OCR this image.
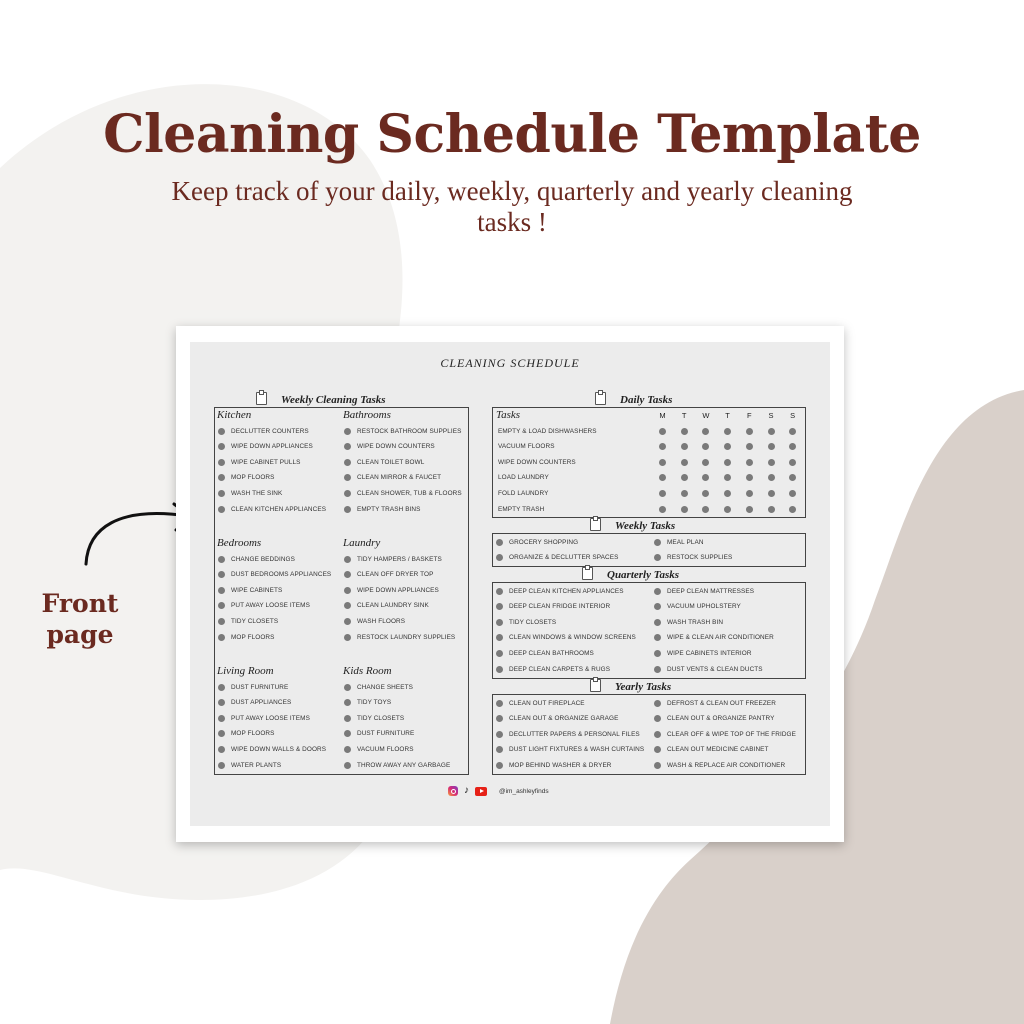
Cleaning Schedule Template
Keep track of your daily, weekly, quarterly and yearly cleaning tasks !
Front page
CLEANING SCHEDULE
Weekly Cleaning Tasks
Kitchen
DECLUTTER COUNTERS
WIPE DOWN APPLIANCES
WIPE CABINET PULLS
MOP FLOORS
WASH THE SINK
CLEAN KITCHEN APPLIANCES
Bathrooms
RESTOCK BATHROOM SUPPLIES
WIPE DOWN COUNTERS
CLEAN TOILET BOWL
CLEAN MIRROR & FAUCET
CLEAN SHOWER, TUB & FLOORS
EMPTY TRASH BINS
Bedrooms
CHANGE BEDDINGS
DUST BEDROOMS APPLIANCES
WIPE CABINETS
PUT AWAY LOOSE ITEMS
TIDY CLOSETS
MOP FLOORS
Laundry
TIDY HAMPERS / BASKETS
CLEAN OFF DRYER TOP
WIPE DOWN APPLIANCES
CLEAN LAUNDRY SINK
WASH FLOORS
RESTOCK LAUNDRY SUPPLIES
Living Room
DUST FURNITURE
DUST APPLIANCES
PUT AWAY LOOSE ITEMS
MOP FLOORS
WIPE DOWN WALLS & DOORS
WATER PLANTS
Kids Room
CHANGE SHEETS
TIDY TOYS
TIDY CLOSETS
DUST FURNITURE
VACUUM FLOORS
THROW AWAY ANY GARBAGE
Daily Tasks
Tasks	M	T	W	T	F	S	S
EMPTY & LOAD DISHWASHERS
VACUUM FLOORS
WIPE DOWN COUNTERS
LOAD LAUNDRY
FOLD LAUNDRY
EMPTY TRASH
Weekly Tasks
GROCERY SHOPPING
ORGANIZE & DECLUTTER SPACES
MEAL PLAN
RESTOCK SUPPLIES
Quarterly Tasks
DEEP CLEAN KITCHEN APPLIANCES
DEEP CLEAN FRIDGE INTERIOR
TIDY CLOSETS
CLEAN WINDOWS & WINDOW SCREENS
DEEP CLEAN BATHROOMS
DEEP CLEAN CARPETS & RUGS
DEEP CLEAN MATTRESSES
VACUUM UPHOLSTERY
WASH TRASH BIN
WIPE & CLEAN AIR CONDITIONER
WIPE CABINETS INTERIOR
DUST VENTS & CLEAN DUCTS
Yearly Tasks
CLEAN OUT FIREPLACE
CLEAN OUT & ORGANIZE GARAGE
DECLUTTER PAPERS & PERSONAL FILES
DUST LIGHT FIXTURES & WASH CURTAINS
MOP BEHIND WASHER & DRYER
DEFROST & CLEAN OUT FREEZER
CLEAN OUT & ORGANIZE PANTRY
CLEAR OFF & WIPE TOP OF THE FRIDGE
CLEAN OUT MEDICINE CABINET
WASH & REPLACE AIR CONDITIONER
♪	@im_ashleyfinds
